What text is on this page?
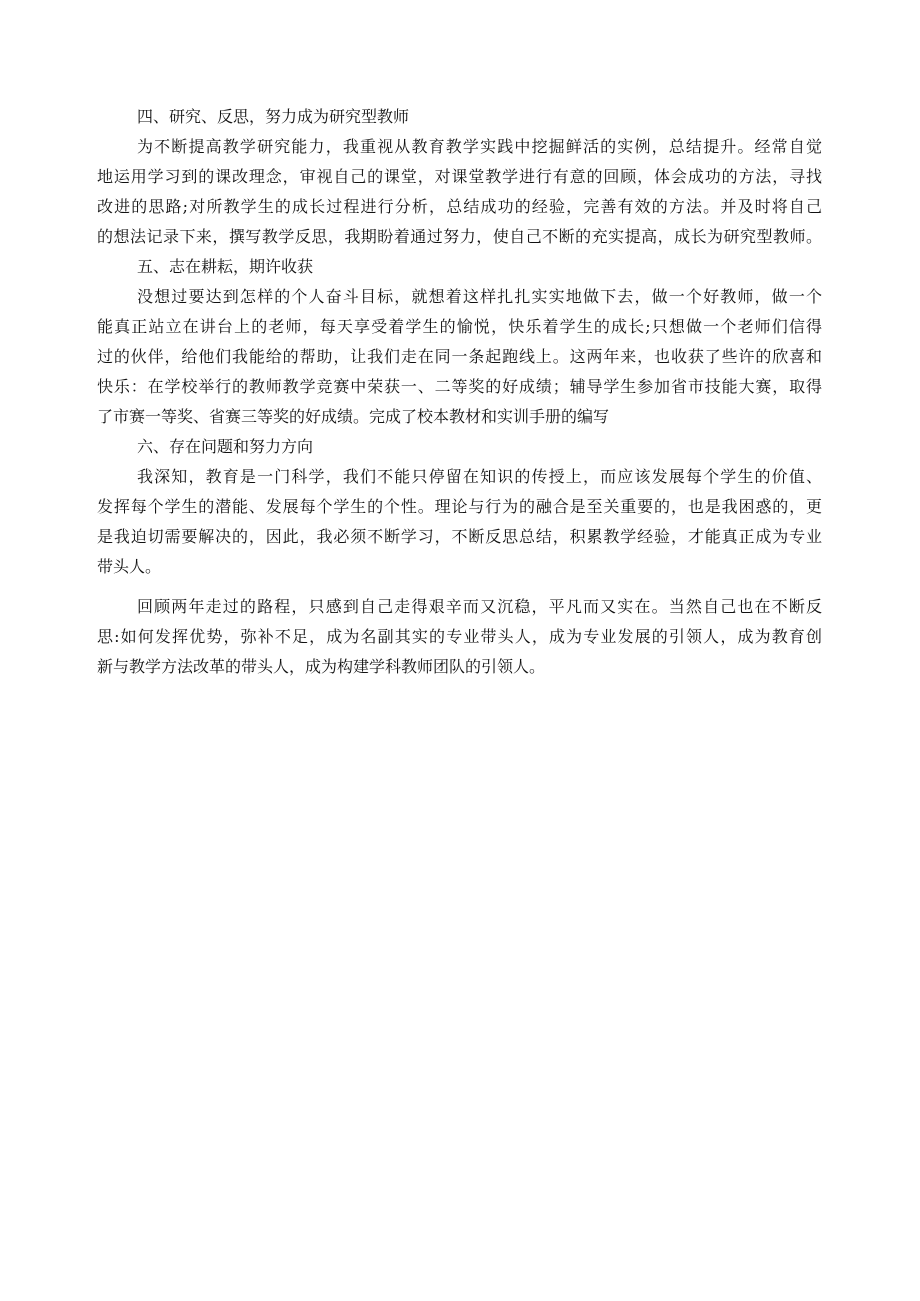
四、研究、反思，努力成为研究型教师

为不断提高教学研究能力，我重视从教育教学实践中挖掘鲜活的实例，总结提升。经常自觉
地运用学习到的课改理念，审视自己的课堂，对课堂教学进行有意的回顾，体会成功的方法，寻找
改进的思路;对所教学生的成长过程进行分析，总结成功的经验，完善有效的方法。并及时将自己
的想法记录下来，撰写教学反思，我期盼着通过努力，使自己不断的充实提高，成长为研究型教师。

五、志在耕耘，期许收获

没想过要达到怎样的个人奋斗目标，就想着这样扎扎实实地做下去，做一个好教师，做一个
能真正站立在讲台上的老师，每天享受着学生的愉悦，快乐着学生的成长;只想做一个老师们信得
过的伙伴，给他们我能给的帮助，让我们走在同一条起跑线上。这两年来，也收获了些许的欣喜和
快乐：在学校举行的教师教学竞赛中荣获一、二等奖的好成绩；辅导学生参加省市技能大赛，取得
了市赛一等奖、省赛三等奖的好成绩。完成了校本教材和实训手册的编写

六、存在问题和努力方向

我深知，教育是一门科学，我们不能只停留在知识的传授上，而应该发展每个学生的价值、
发挥每个学生的潜能、发展每个学生的个性。理论与行为的融合是至关重要的，也是我困惑的，更
是我迫切需要解决的，因此，我必须不断学习，不断反思总结，积累教学经验，才能真正成为专业
带头人。
回顾两年走过的路程，只感到自己走得艰辛而又沉稳，平凡而又实在。当然自己也在不断反
思:如何发挥优势，弥补不足，成为名副其实的专业带头人，成为专业发展的引领人，成为教育创
新与教学方法改革的带头人，成为构建学科教师团队的引领人。
